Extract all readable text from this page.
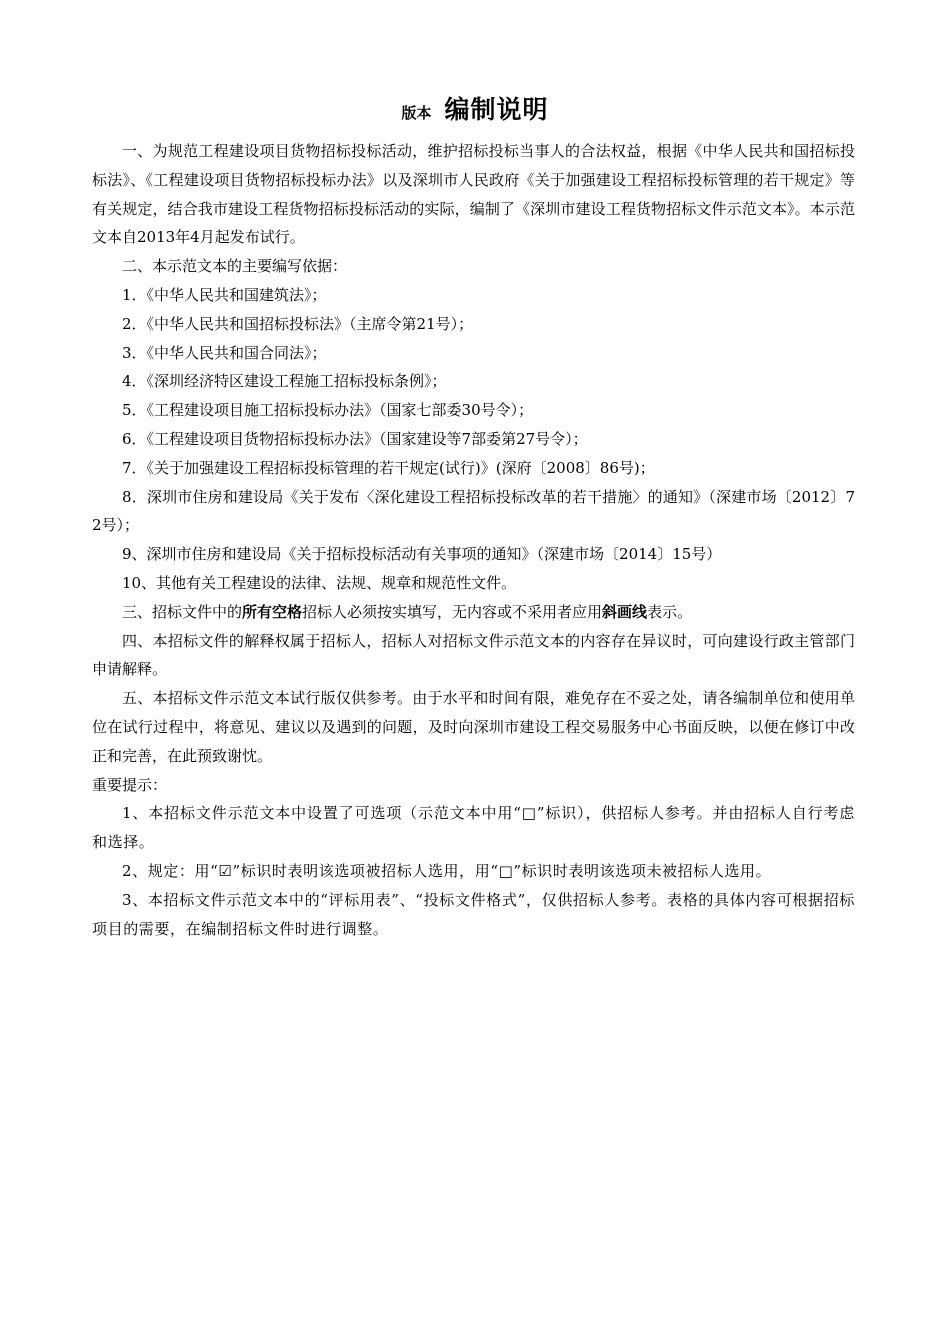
版本 编制说明

一、为规范工程建设项目货物招标投标活动，维护招标投标当事人的合法权益，根据《中华人民共和国招标投标法》、《工程建设项目货物招标投标办法》以及深圳市人民政府《关于加强建设工程招标投标管理的若干规定》等有关规定，结合我市建设工程货物招标投标活动的实际，编制了《深圳市建设工程货物招标文件示范文本》。本示范文本自2013年4月起发布试行。

二、本示范文本的主要编写依据：

1．《中华人民共和国建筑法》；

2．《中华人民共和国招标投标法》（主席令第21号）；

3．《中华人民共和国合同法》；

4．《深圳经济特区建设工程施工招标投标条例》；

5．《工程建设项目施工招标投标办法》（国家七部委30号令）；

6．《工程建设项目货物招标投标办法》（国家建设等7部委第27号令）；

7．《关于加强建设工程招标投标管理的若干规定(试行)》(深府〔2008〕86号)；

8．深圳市住房和建设局《关于发布〈深化建设工程招标投标改革的若干措施〉的通知》（深建市场〔2012〕72号）；

9、深圳市住房和建设局《关于招标投标活动有关事项的通知》（深建市场〔2014〕15号）

10、其他有关工程建设的法律、法规、规章和规范性文件。

三、招标文件中的所有空格招标人必须按实填写，无内容或不采用者应用斜画线表示。

四、本招标文件的解释权属于招标人，招标人对招标文件示范文本的内容存在异议时，可向建设行政主管部门申请解释。

五、本招标文件示范文本试行版仅供参考。由于水平和时间有限，难免存在不妥之处，请各编制单位和使用单位在试行过程中，将意见、建议以及遇到的问题，及时向深圳市建设工程交易服务中心书面反映，以便在修订中改正和完善，在此预致谢忱。

重要提示：

1、本招标文件示范文本中设置了可选项（示范文本中用“□”标识），供招标人参考。并由招标人自行考虑和选择。

2、规定：用“☑”标识时表明该选项被招标人选用，用“□”标识时表明该选项未被招标人选用。

3、本招标文件示范文本中的“评标用表”、“投标文件格式”，仅供招标人参考。表格的具体内容可根据招标项目的需要，在编制招标文件时进行调整。
